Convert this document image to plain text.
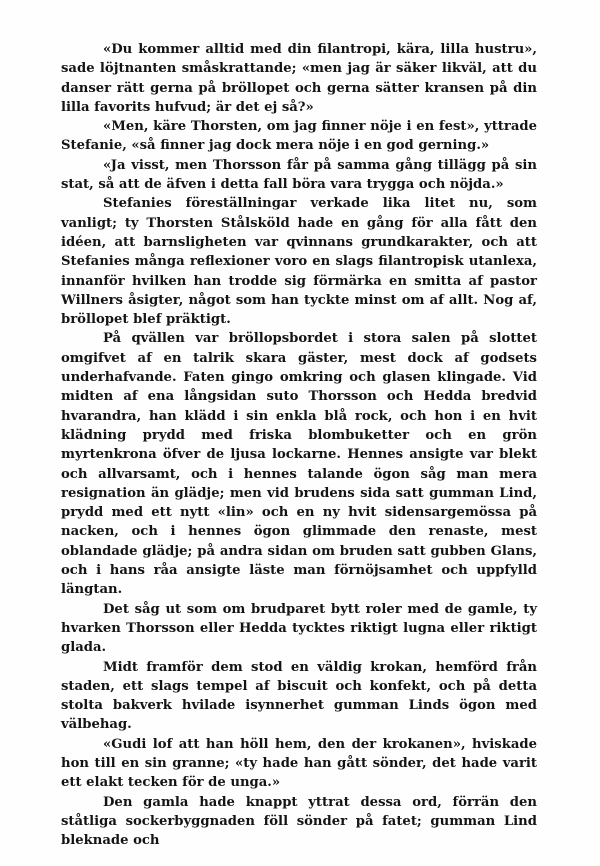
«Du kommer alltid med din filantropi, kära, lilla hustru», sade löjtnanten småskrattande; «men jag är säker likväl, att du danser rätt gerna på bröllopet och gerna sätter kransen på din lilla favorits hufvud; är det ej så?»

«Men, käre Thorsten, om jag finner nöje i en fest», yttrade Stefanie, «så finner jag dock mera nöje i en god gerning.»

«Ja visst, men Thorsson får på samma gång tillägg på sin stat, så att de äfven i detta fall böra vara trygga och nöjda.»

Stefanies föreställningar verkade lika litet nu, som vanligt; ty Thorsten Stålsköld hade en gång för alla fått den idéen, att barnsligheten var qvinnans grundkarakter, och att Stefanies många reflexioner voro en slags filantropisk utanlexa, innanför hvilken han trodde sig förmärka en smitta af pastor Willners åsigter, något som han tyckte minst om af allt. Nog af, bröllopet blef präktigt.

På qvällen var bröllopsbordet i stora salen på slottet omgifvet af en talrik skara gäster, mest dock af godsets underhafvande. Faten gingo omkring och glasen klingade. Vid midten af ena långsidan suto Thorsson och Hedda bredvid hvarandra, han klädd i sin enkla blå rock, och hon i en hvit klädning prydd med friska blombuketter och en grön myrtenkrona öfver de ljusa lockarne. Hennes ansigte var blekt och allvarsamt, och i hennes talande ögon såg man mera resignation än glädje; men vid brudens sida satt gumman Lind, prydd med ett nytt «lin» och en ny hvit sidensargemössa på nacken, och i hennes ögon glimmade den renaste, mest oblandade glädje; på andra sidan om bruden satt gubben Glans, och i hans råa ansigte läste man förnöjsamhet och uppfylld längtan.

Det såg ut som om brudparet bytt roler med de gamle, ty hvarken Thorsson eller Hedda tycktes riktigt lugna eller riktigt glada.

Midt framför dem stod en väldig krokan, hemförd från staden, ett slags tempel af biscuit och konfekt, och på detta stolta bakverk hvilade isynnerhet gumman Linds ögon med välbehag.

«Gudi lof att han höll hem, den der krokanen», hviskade hon till en sin granne; «ty hade han gått sönder, det hade varit ett elakt tecken för de unga.»

Den gamla hade knappt yttrat dessa ord, förrän den ståtliga sockerbyggnaden föll sönder på fatet; gumman Lind bleknade och
